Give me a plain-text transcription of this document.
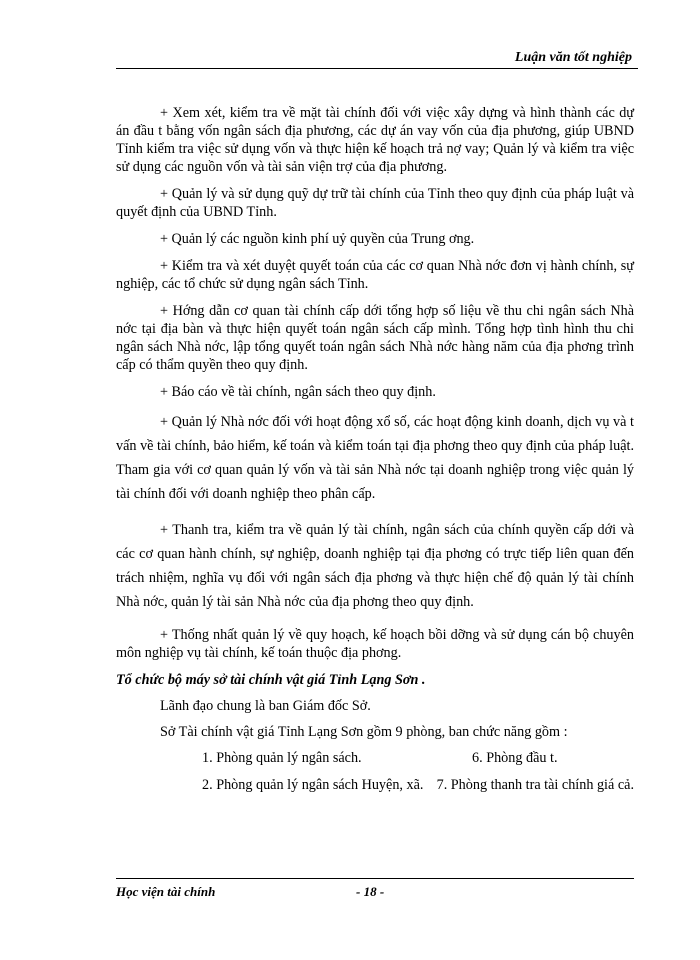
Luận văn tốt nghiệp

+ Xem xét, kiểm tra về mặt tài chính đối với việc xây dựng và hình thành các dự án đầu t bằng vốn ngân sách địa phương, các dự án vay vốn của địa phương, giúp UBND Tỉnh kiểm tra việc sử dụng vốn và thực hiện kế hoạch trả nợ vay; Quản lý và kiểm tra việc sử dụng các nguồn vốn và tài sản viện trợ của địa phương.

+ Quản lý và sử dụng quỹ dự trữ tài chính của Tỉnh theo quy định của pháp luật và quyết định của UBND Tỉnh.

+ Quản lý các nguồn kinh phí uỷ quyền của Trung ơng.

+ Kiểm tra và xét duyệt quyết toán của các cơ quan Nhà nớc đơn vị hành chính, sự nghiệp, các tổ chức sử dụng ngân sách Tỉnh.

+ Hớng dẫn cơ quan tài chính cấp dới tổng hợp số liệu về thu chi ngân sách Nhà nớc tại địa bàn và thực hiện quyết toán ngân sách cấp mình. Tổng hợp tình hình thu chi ngân sách Nhà nớc, lập tổng quyết toán ngân sách Nhà nớc hàng năm của địa phơng trình cấp có thẩm quyền theo quy định.

+ Báo cáo về tài chính, ngân sách theo quy định.

+ Quản lý Nhà nớc đối với hoạt động xổ số, các hoạt động kinh doanh, dịch vụ và t vấn về tài chính, bảo hiểm, kế toán và kiểm toán tại địa phơng theo quy định của pháp luật. Tham gia với cơ quan quản lý vốn và tài sản Nhà nớc tại doanh nghiệp trong việc quản lý tài chính đối với doanh nghiệp theo phân cấp.

+ Thanh tra, kiểm tra về quản lý tài chính, ngân sách của chính quyền cấp dới và các cơ quan hành chính, sự nghiệp, doanh nghiệp tại địa phơng có trực tiếp liên quan đến trách nhiệm, nghĩa vụ đối với ngân sách địa phơng và thực hiện chế độ quản lý tài chính Nhà nớc, quản lý tài sản Nhà nớc của địa phơng theo quy định.

+ Thống nhất quản lý về quy hoạch, kế hoạch bồi dỡng và sử dụng cán bộ chuyên môn nghiệp vụ tài chính, kế toán thuộc địa phơng.

Tổ chức bộ máy sở tài chính vật giá Tỉnh Lạng Sơn .

Lãnh đạo chung là ban Giám đốc Sở.

Sở Tài chính vật giá Tỉnh Lạng Sơn gồm 9 phòng, ban chức năng gồm :

1. Phòng quản lý ngân sách.	6. Phòng đầu t.
2. Phòng quản lý ngân sách Huyện, xã. 7. Phòng thanh tra tài chính giá cả.
Học viện tài chính	- 18 -
